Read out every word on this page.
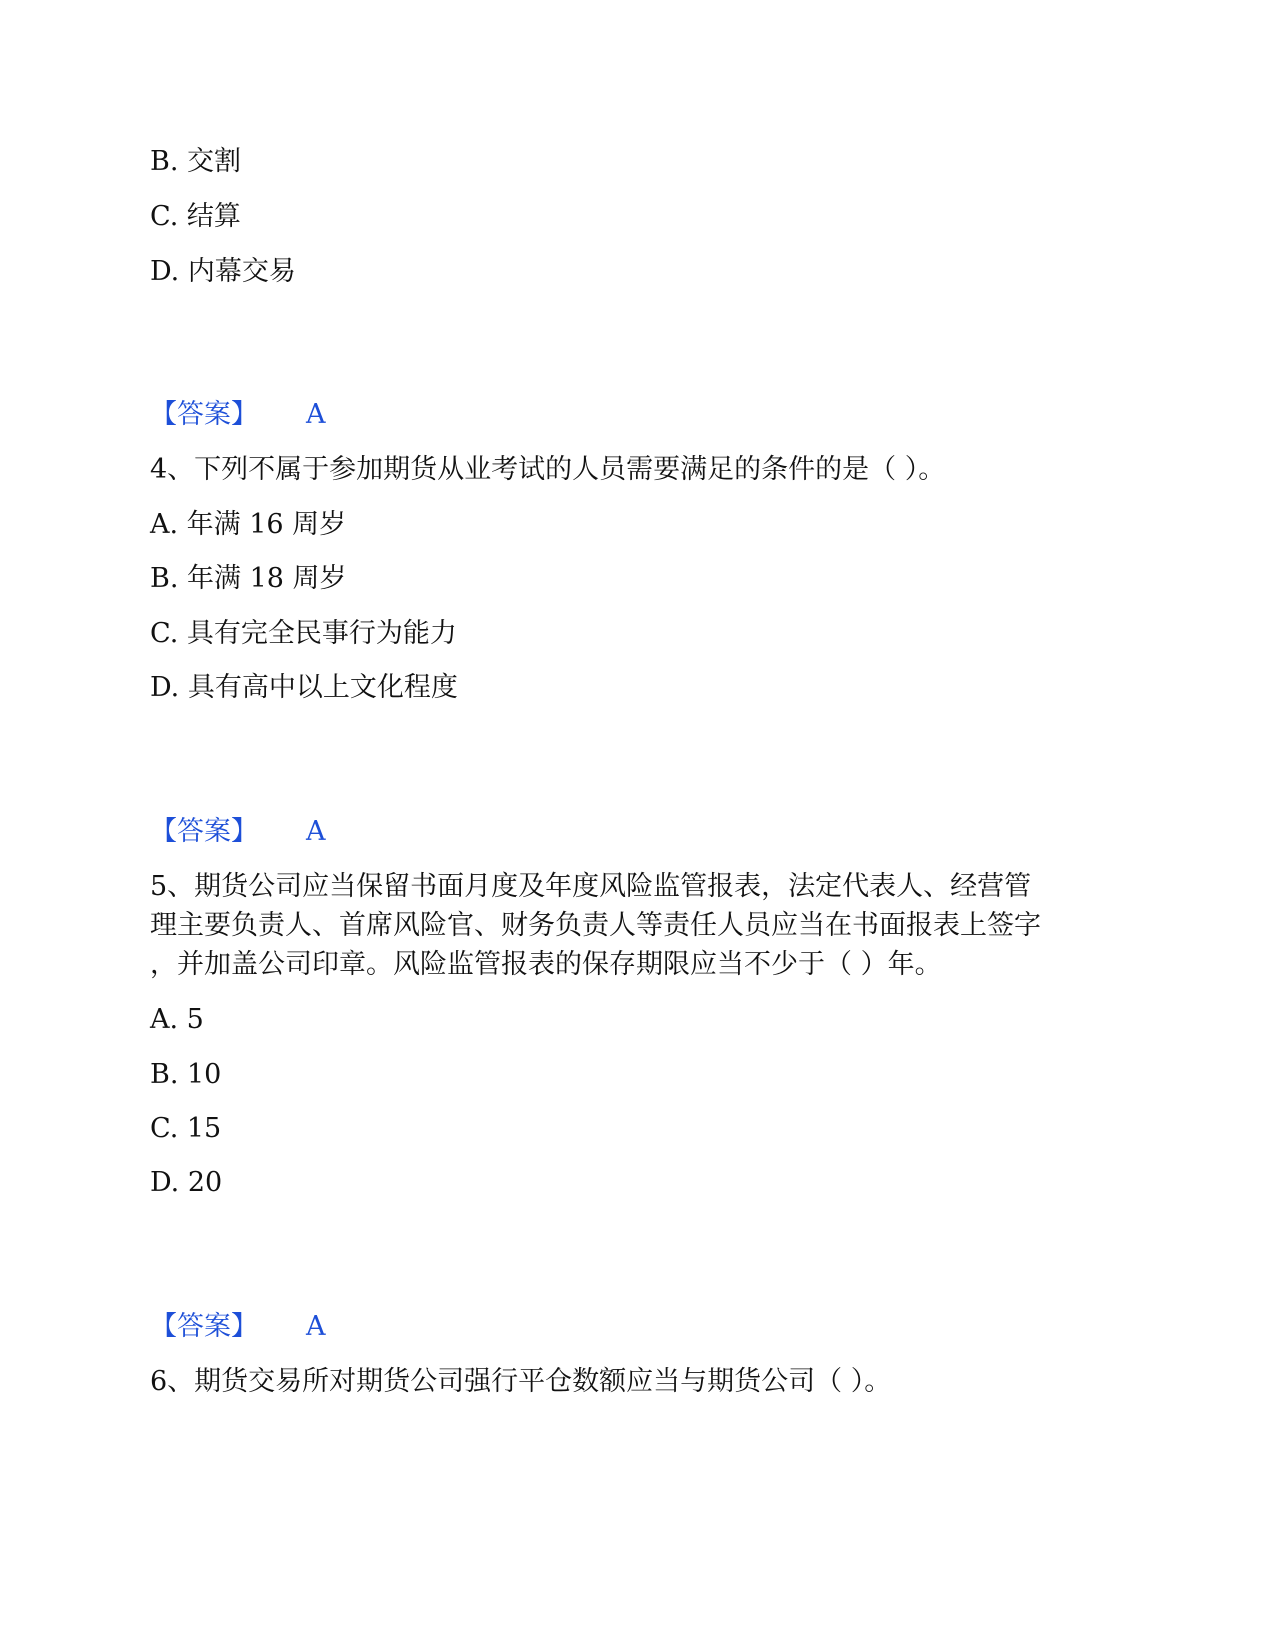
B. 交割
C. 结算
D. 内幕交易
【答案】 A
4、下列不属于参加期货从业考试的人员需要满足的条件的是（ ）。
A. 年满 16 周岁
B. 年满 18 周岁
C. 具有完全民事行为能力
D. 具有高中以上文化程度
【答案】 A
5、期货公司应当保留书面月度及年度风险监管报表，法定代表人、经营管
理主要负责人、首席风险官、财务负责人等责任人员应当在书面报表上签字
，并加盖公司印章。风险监管报表的保存期限应当不少于（ ）年。
A. 5
B. 10
C. 15
D. 20
【答案】 A
6、期货交易所对期货公司强行平仓数额应当与期货公司（ ）。
